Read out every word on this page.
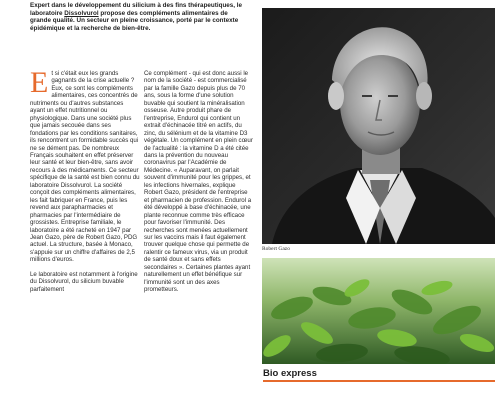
Expert dans le développement du silicium à des fins thérapeutiques, le laboratoire Dissolvurol propose des compléments alimentaires de grande qualité. Un secteur en pleine croissance, porté par le contexte épidémique et la recherche de bien-être.
E t si c'était eux les grands gagnants de la crise actuelle ? Eux, ce sont les compléments alimentaires, ces concentrés de nutriments ou d'autres substances ayant un effet nutritionnel ou physiologique. Dans une société plus que jamais secouée dans ses fondations par les conditions sanitaires, ils rencontrent un formidable succès qui ne se dément pas. De nombreux Français souhaitent en effet préserver leur santé et leur bien-être, sans avoir recours à des médicaments. Ce secteur spécifique de la santé est bien connu du laboratoire Dissolvurol. La société conçoit des compléments alimentaires, les fait fabriquer en France, puis les revend aux parapharmacies et pharmacies par l'intermédiaire de grossistes. Entreprise familiale, le laboratoire a été racheté en 1947 par Jean Gazo, père de Robert Gazo, PDG actuel. La structure, basée à Monaco, s'appuie sur un chiffre d'affaires de 2,5 millions d'euros.

Le laboratoire est notamment à l'origine du Dissolvurol, du silicium buvable parfaitement

Ce complément - qui est donc aussi le nom de la société - est commercialisé par la famille Gazo depuis plus de 70 ans, sous la forme d'une solution buvable qui soutient la minéralisation osseuse. Autre produit phare de l'entreprise, Endurol qui contient un extrait d'échinacée titré en actifs, du zinc, du sélénium et de la vitamine D3 végétale. Un complément en plein cœur de l'actualité : la vitamine D a été citée dans la prévention du nouveau coronavirus par l'Académie de Médecine. « Auparavant, on parlait souvent d'immunité pour les grippes, et les infections hivernales, explique Robert Gazo, président de l'entreprise et pharmacien de profession. Endurol a été développé à base d'échinacée, une plante reconnue comme très efficace pour favoriser l'immunité. Des recherches sont menées actuellement sur les vaccins mais il faut également trouver quelque chose qui permette de ralentir ce fameux virus, via un produit de santé doux et sans effets secondaires ». Certaines plantes ayant naturellement un effet bénéfique sur l'immunité sont un des axes prometteurs.

Robert Gazo
Bio express
